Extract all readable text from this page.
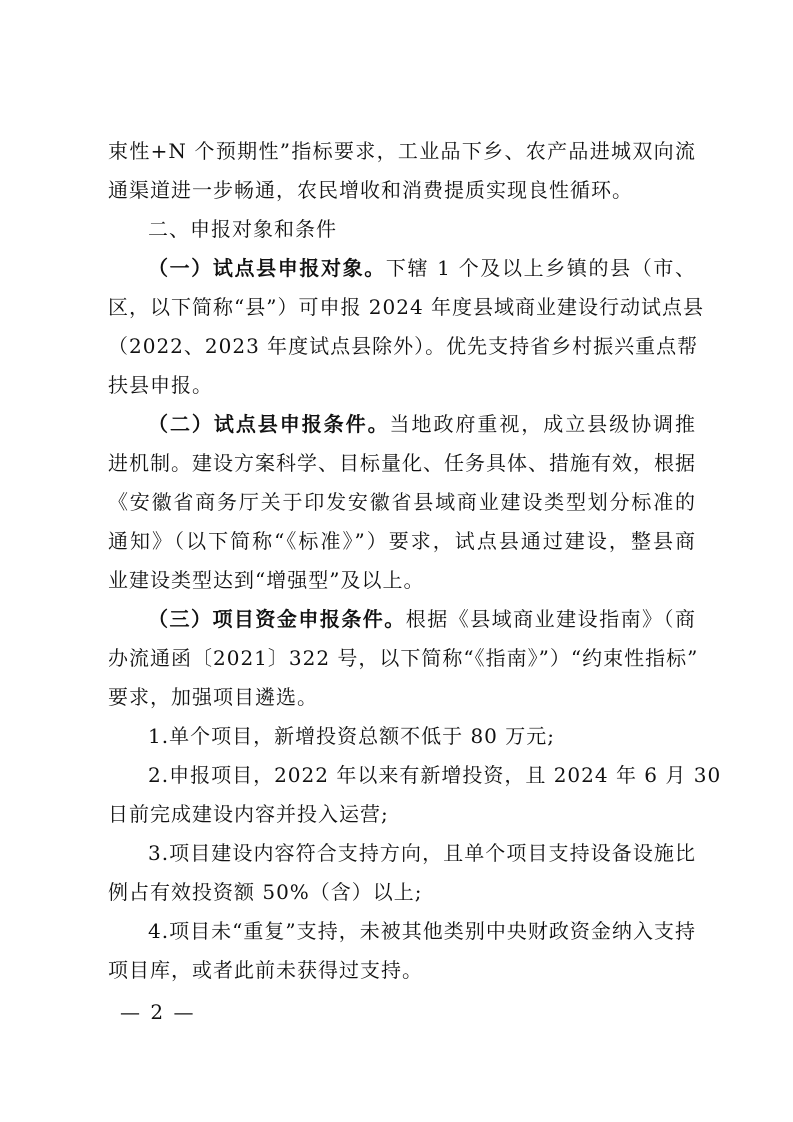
束性+N 个预期性”指标要求，工业品下乡、农产品进城双向流
通渠道进一步畅通，农民增收和消费提质实现良性循环。
二、申报对象和条件
（一）试点县申报对象。下辖 1 个及以上乡镇的县（市、
区，以下简称“县”）可申报 2024 年度县域商业建设行动试点县
（2022、2023 年度试点县除外）。优先支持省乡村振兴重点帮
扶县申报。
（二）试点县申报条件。当地政府重视，成立县级协调推
进机制。建设方案科学、目标量化、任务具体、措施有效，根据
《安徽省商务厅关于印发安徽省县域商业建设类型划分标准的
通知》（以下简称“《标准》”）要求，试点县通过建设，整县商
业建设类型达到“增强型”及以上。
（三）项目资金申报条件。根据《县域商业建设指南》（商
办流通函〔2021〕322 号，以下简称“《指南》”）“约束性指标”
要求，加强项目遴选。
1.单个项目，新增投资总额不低于 80 万元;
2.申报项目，2022 年以来有新增投资，且 2024 年 6 月 30
日前完成建设内容并投入运营;
3.项目建设内容符合支持方向，且单个项目支持设备设施比
例占有效投资额 50%（含）以上;
4.项目未“重复”支持，未被其他类别中央财政资金纳入支持
项目库，或者此前未获得过支持。
— 2 —
